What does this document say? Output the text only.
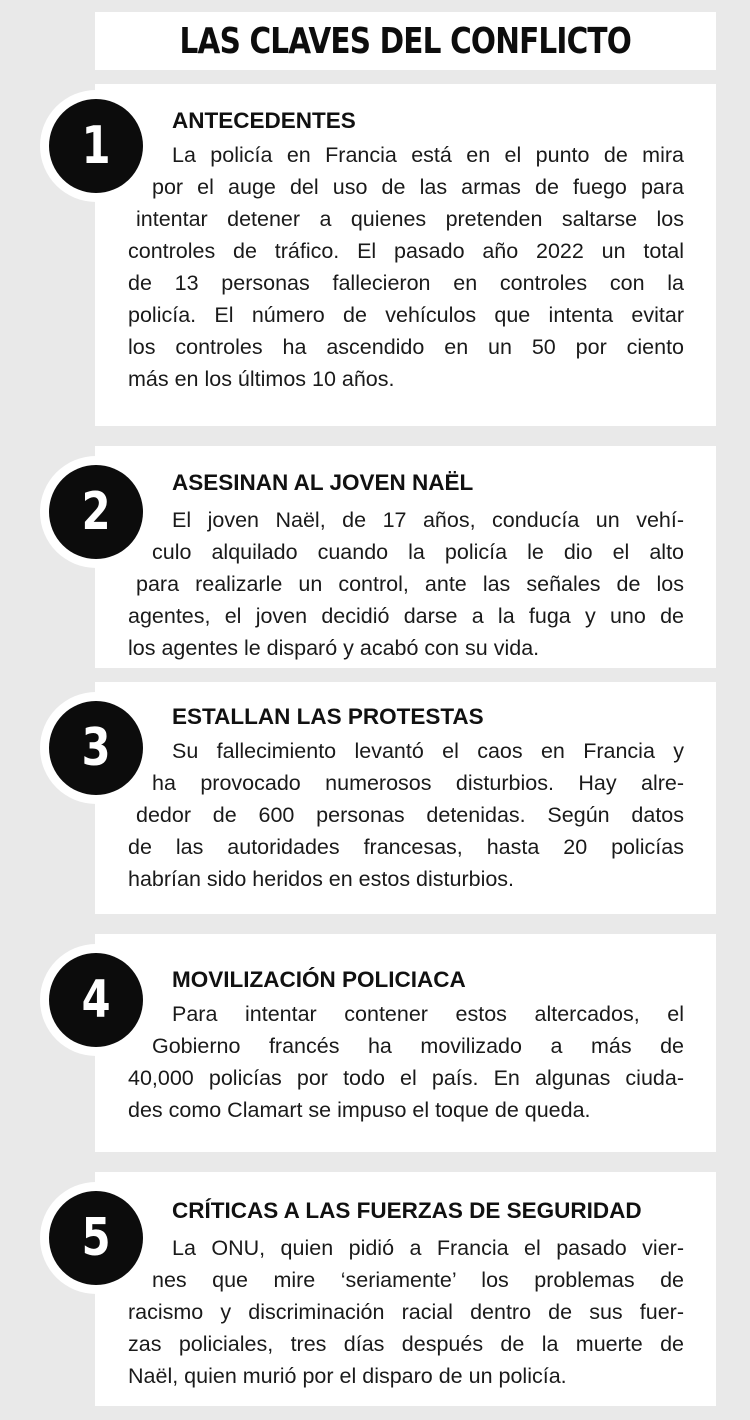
LAS CLAVES DEL CONFLICTO
1	ANTECEDENTES
La policía en Francia está en el punto de mira
por el auge del uso de las armas de fuego para
intentar detener a quienes pretenden saltarse los
controles de tráfico. El pasado año 2022 un total
de 13 personas fallecieron en controles con la
policía. El número de vehículos que intenta evitar
los controles ha ascendido en un 50 por ciento
más en los últimos 10 años.
2	ASESINAN AL JOVEN NAËL
El joven Naël, de 17 años, conducía un vehí-
culo alquilado cuando la policía le dio el alto
para realizarle un control, ante las señales de los
agentes, el joven decidió darse a la fuga y uno de
los agentes le disparó y acabó con su vida.
3
ESTALLAN LAS PROTESTAS
Su fallecimiento levantó el caos en Francia y
ha provocado numerosos disturbios. Hay alre-
dedor de 600 personas detenidas. Según datos
de las autoridades francesas, hasta 20 policías
habrían sido heridos en estos disturbios.
4	MOVILIZACIÓN POLICIACA
Para intentar contener estos altercados, el
Gobierno francés ha movilizado a más de
40,000 policías por todo el país. En algunas ciuda-
des como Clamart se impuso el toque de queda.
5	CRÍTICAS A LAS FUERZAS DE SEGURIDAD
La ONU, quien pidió a Francia el pasado vier-
nes que mire ‘seriamente’ los problemas de
racismo y discriminación racial dentro de sus fuer-
zas policiales, tres días después de la muerte de
Naël, quien murió por el disparo de un policía.
